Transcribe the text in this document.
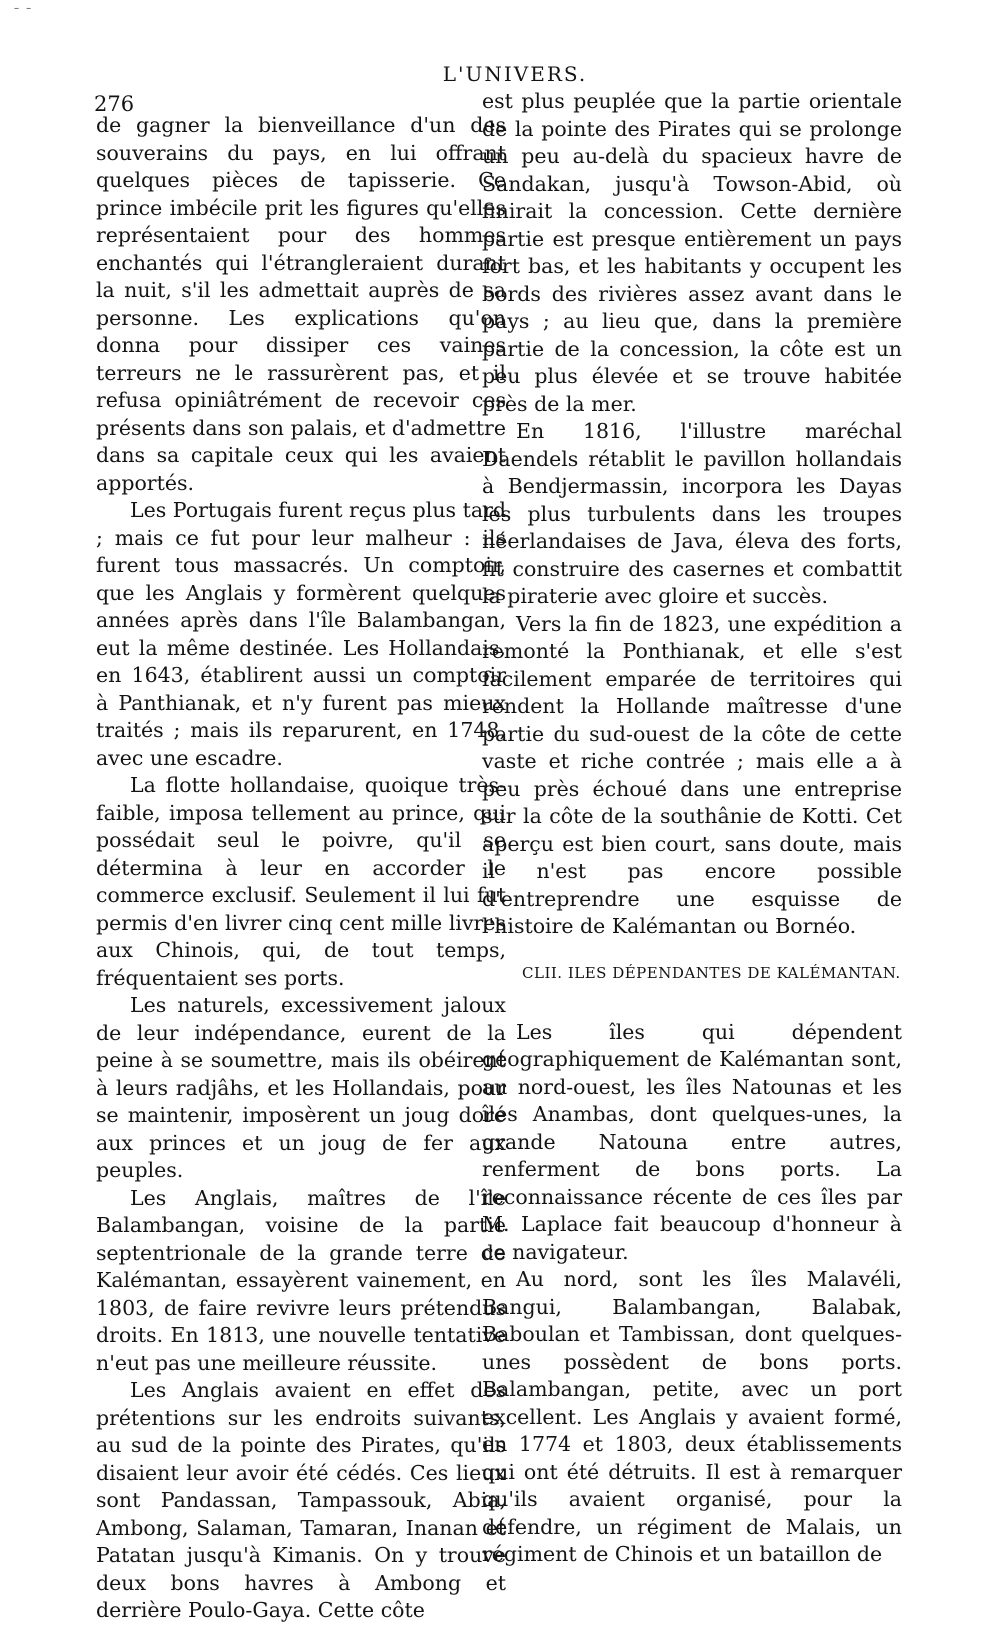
– –
L'UNIVERS.
276

de gagner la bienveillance d'un des souverains du pays, en lui offrant quelques pièces de tapisserie. Ce prince imbécile prit les figures qu'elles représentaient pour des hommes enchantés qui l'étrangleraient durant la nuit, s'il les admettait auprès de sa personne. Les explications qu'on donna pour dissiper ces vaines terreurs ne le rassurèrent pas, et il refusa opiniâtrément de recevoir ces présents dans son palais, et d'admettre dans sa capitale ceux qui les avaient apportés.

Les Portugais furent reçus plus tard ; mais ce fut pour leur malheur : ils furent tous massacrés. Un comptoir, que les Anglais y formèrent quelques années après dans l'île Balambangan, eut la même destinée. Les Hollandais, en 1643, établirent aussi un comptoir à Panthianak, et n'y furent pas mieux traités ; mais ils reparurent, en 1748, avec une escadre.

La flotte hollandaise, quoique très-faible, imposa tellement au prince, qui possédait seul le poivre, qu'il se détermina à leur en accorder le commerce exclusif. Seulement il lui fut permis d'en livrer cinq cent mille livres aux Chinois, qui, de tout temps, fréquentaient ses ports.

Les naturels, excessivement jaloux de leur indépendance, eurent de la peine à se soumettre, mais ils obéirent à leurs radjâhs, et les Hollandais, pour se maintenir, imposèrent un joug doré aux princes et un joug de fer aux peuples.

Les Anglais, maîtres de l'île Balambangan, voisine de la partie septentrionale de la grande terre de Kalémantan, essayèrent vainement, en 1803, de faire revivre leurs prétendus droits. En 1813, une nouvelle tentative n'eut pas une meilleure réussite.

Les Anglais avaient en effet des prétentions sur les endroits suivants, au sud de la pointe des Pirates, qu'ils disaient leur avoir été cédés. Ces lieux sont Pandassan, Tampassouk, Abia, Ambong, Salaman, Tamaran, Inanan et Patatan jusqu'à Kimanis. On y trouve deux bons havres à Ambong et derrière Poulo-Gaya. Cette côte

est plus peuplée que la partie orientale de la pointe des Pirates qui se prolonge un peu au-delà du spacieux havre de Sandakan, jusqu'à Towson-Abid, où finirait la concession. Cette dernière partie est presque entièrement un pays fort bas, et les habitants y occupent les bords des rivières assez avant dans le pays ; au lieu que, dans la première partie de la concession, la côte est un peu plus élevée et se trouve habitée près de la mer.

En 1816, l'illustre maréchal Daendels rétablit le pavillon hollandais à Bendjermassin, incorpora les Dayas les plus turbulents dans les troupes néerlandaises de Java, éleva des forts, fit construire des casernes et combattit la piraterie avec gloire et succès.

Vers la fin de 1823, une expédition a remonté la Ponthianak, et elle s'est facilement emparée de territoires qui rendent la Hollande maîtresse d'une partie du sud-ouest de la côte de cette vaste et riche contrée ; mais elle a à peu près échoué dans une entreprise sur la côte de la southânie de Kotti. Cet aperçu est bien court, sans doute, mais il n'est pas encore possible d'entreprendre une esquisse de l'histoire de Kalémantan ou Bornéo.

CLII. ILES DÉPENDANTES DE KALÉMANTAN.

Les îles qui dépendent géographiquement de Kalémantan sont, au nord-ouest, les îles Natounas et les îles Anambas, dont quelques-unes, la grande Natouna entre autres, renferment de bons ports. La reconnaissance récente de ces îles par M. Laplace fait beaucoup d'honneur à ce navigateur.

Au nord, sont les îles Malavéli, Bangui, Balambangan, Balabak, Baboulan et Tambissan, dont quelques-unes possèdent de bons ports. Balambangan, petite, avec un port excellent. Les Anglais y avaient formé, en 1774 et 1803, deux établissements qui ont été détruits. Il est à remarquer qu'ils avaient organisé, pour la défendre, un régiment de Malais, un régiment de Chinois et un bataillon de
